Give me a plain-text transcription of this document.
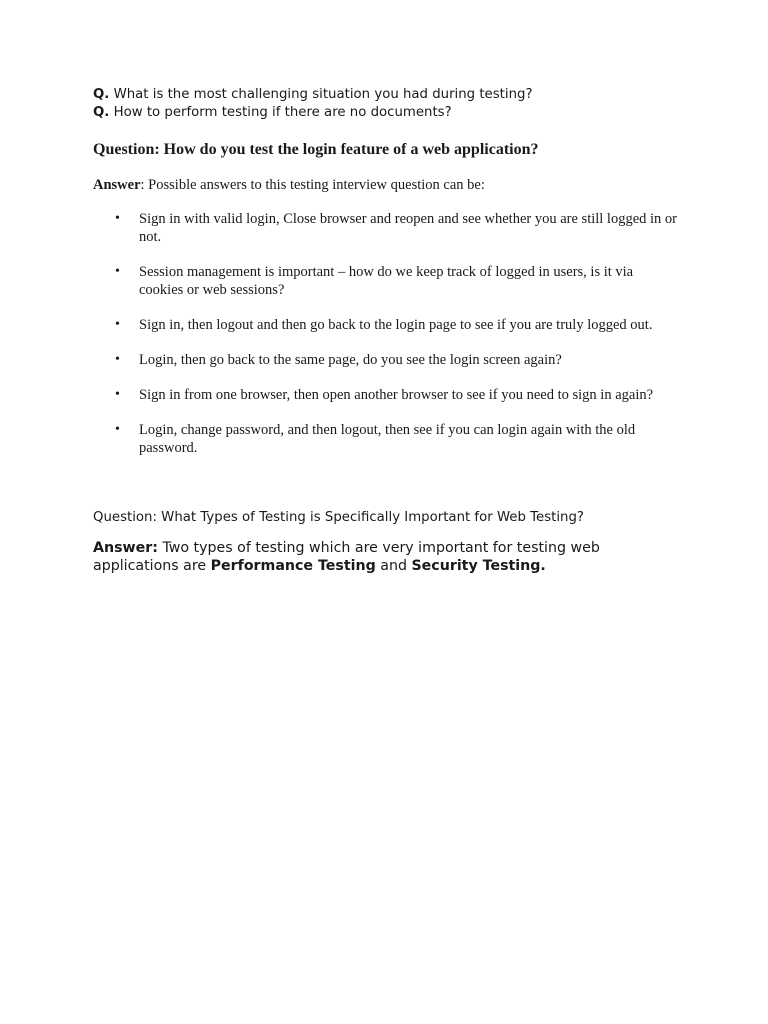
Q. What is the most challenging situation you had during testing?
Q. How to perform testing if there are no documents?
Question: How do you test the login feature of a web application?
Answer: Possible answers to this testing interview question can be:
• Sign in with valid login, Close browser and reopen and see whether you are still logged in or not.
• Session management is important – how do we keep track of logged in users, is it via cookies or web sessions?
• Sign in, then logout and then go back to the login page to see if you are truly logged out.
• Login, then go back to the same page, do you see the login screen again?
• Sign in from one browser, then open another browser to see if you need to sign in again?
• Login, change password, and then logout, then see if you can login again with the old password.
Question: What Types of Testing is Specifically Important for Web Testing?
Answer: Two types of testing which are very important for testing web applications are Performance Testing and Security Testing.
